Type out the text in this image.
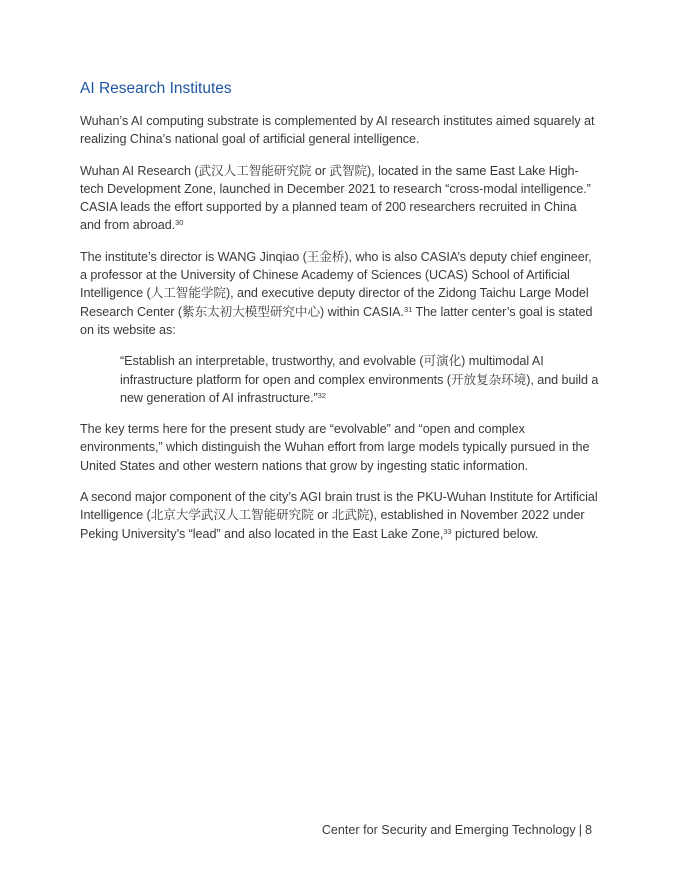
AI Research Institutes

Wuhan’s AI computing substrate is complemented by AI research institutes aimed squarely at realizing China’s national goal of artificial general intelligence.

Wuhan AI Research (武汉人工智能研究院 or 武智院), located in the same East Lake High-tech Development Zone, launched in December 2021 to research “cross-modal intelligence.” CASIA leads the effort supported by a planned team of 200 researchers recruited in China and from abroad.$^{30}$

The institute’s director is WANG Jinqiao (王金桥), who is also CASIA’s deputy chief engineer, a professor at the University of Chinese Academy of Sciences (UCAS) School of Artificial Intelligence (人工智能学院), and executive deputy director of the Zidong Taichu Large Model Research Center (紫东太初大模型研究中心) within CASIA.$^{31}$ The latter center’s goal is stated on its website as:

“Establish an interpretable, trustworthy, and evolvable (可演化) multimodal AI infrastructure platform for open and complex environments (开放复杂环境), and build a new generation of AI infrastructure.”$^{32}$

The key terms here for the present study are “evolvable” and “open and complex environments,” which distinguish the Wuhan effort from large models typically pursued in the United States and other western nations that grow by ingesting static information.

A second major component of the city’s AGI brain trust is the PKU-Wuhan Institute for Artificial Intelligence (北京大学武汉人工智能研究院 or 北武院), established in November 2022 under Peking University’s “lead” and also located in the East Lake Zone,$^{33}$ pictured below.

Center for Security and Emerging Technology | 8
